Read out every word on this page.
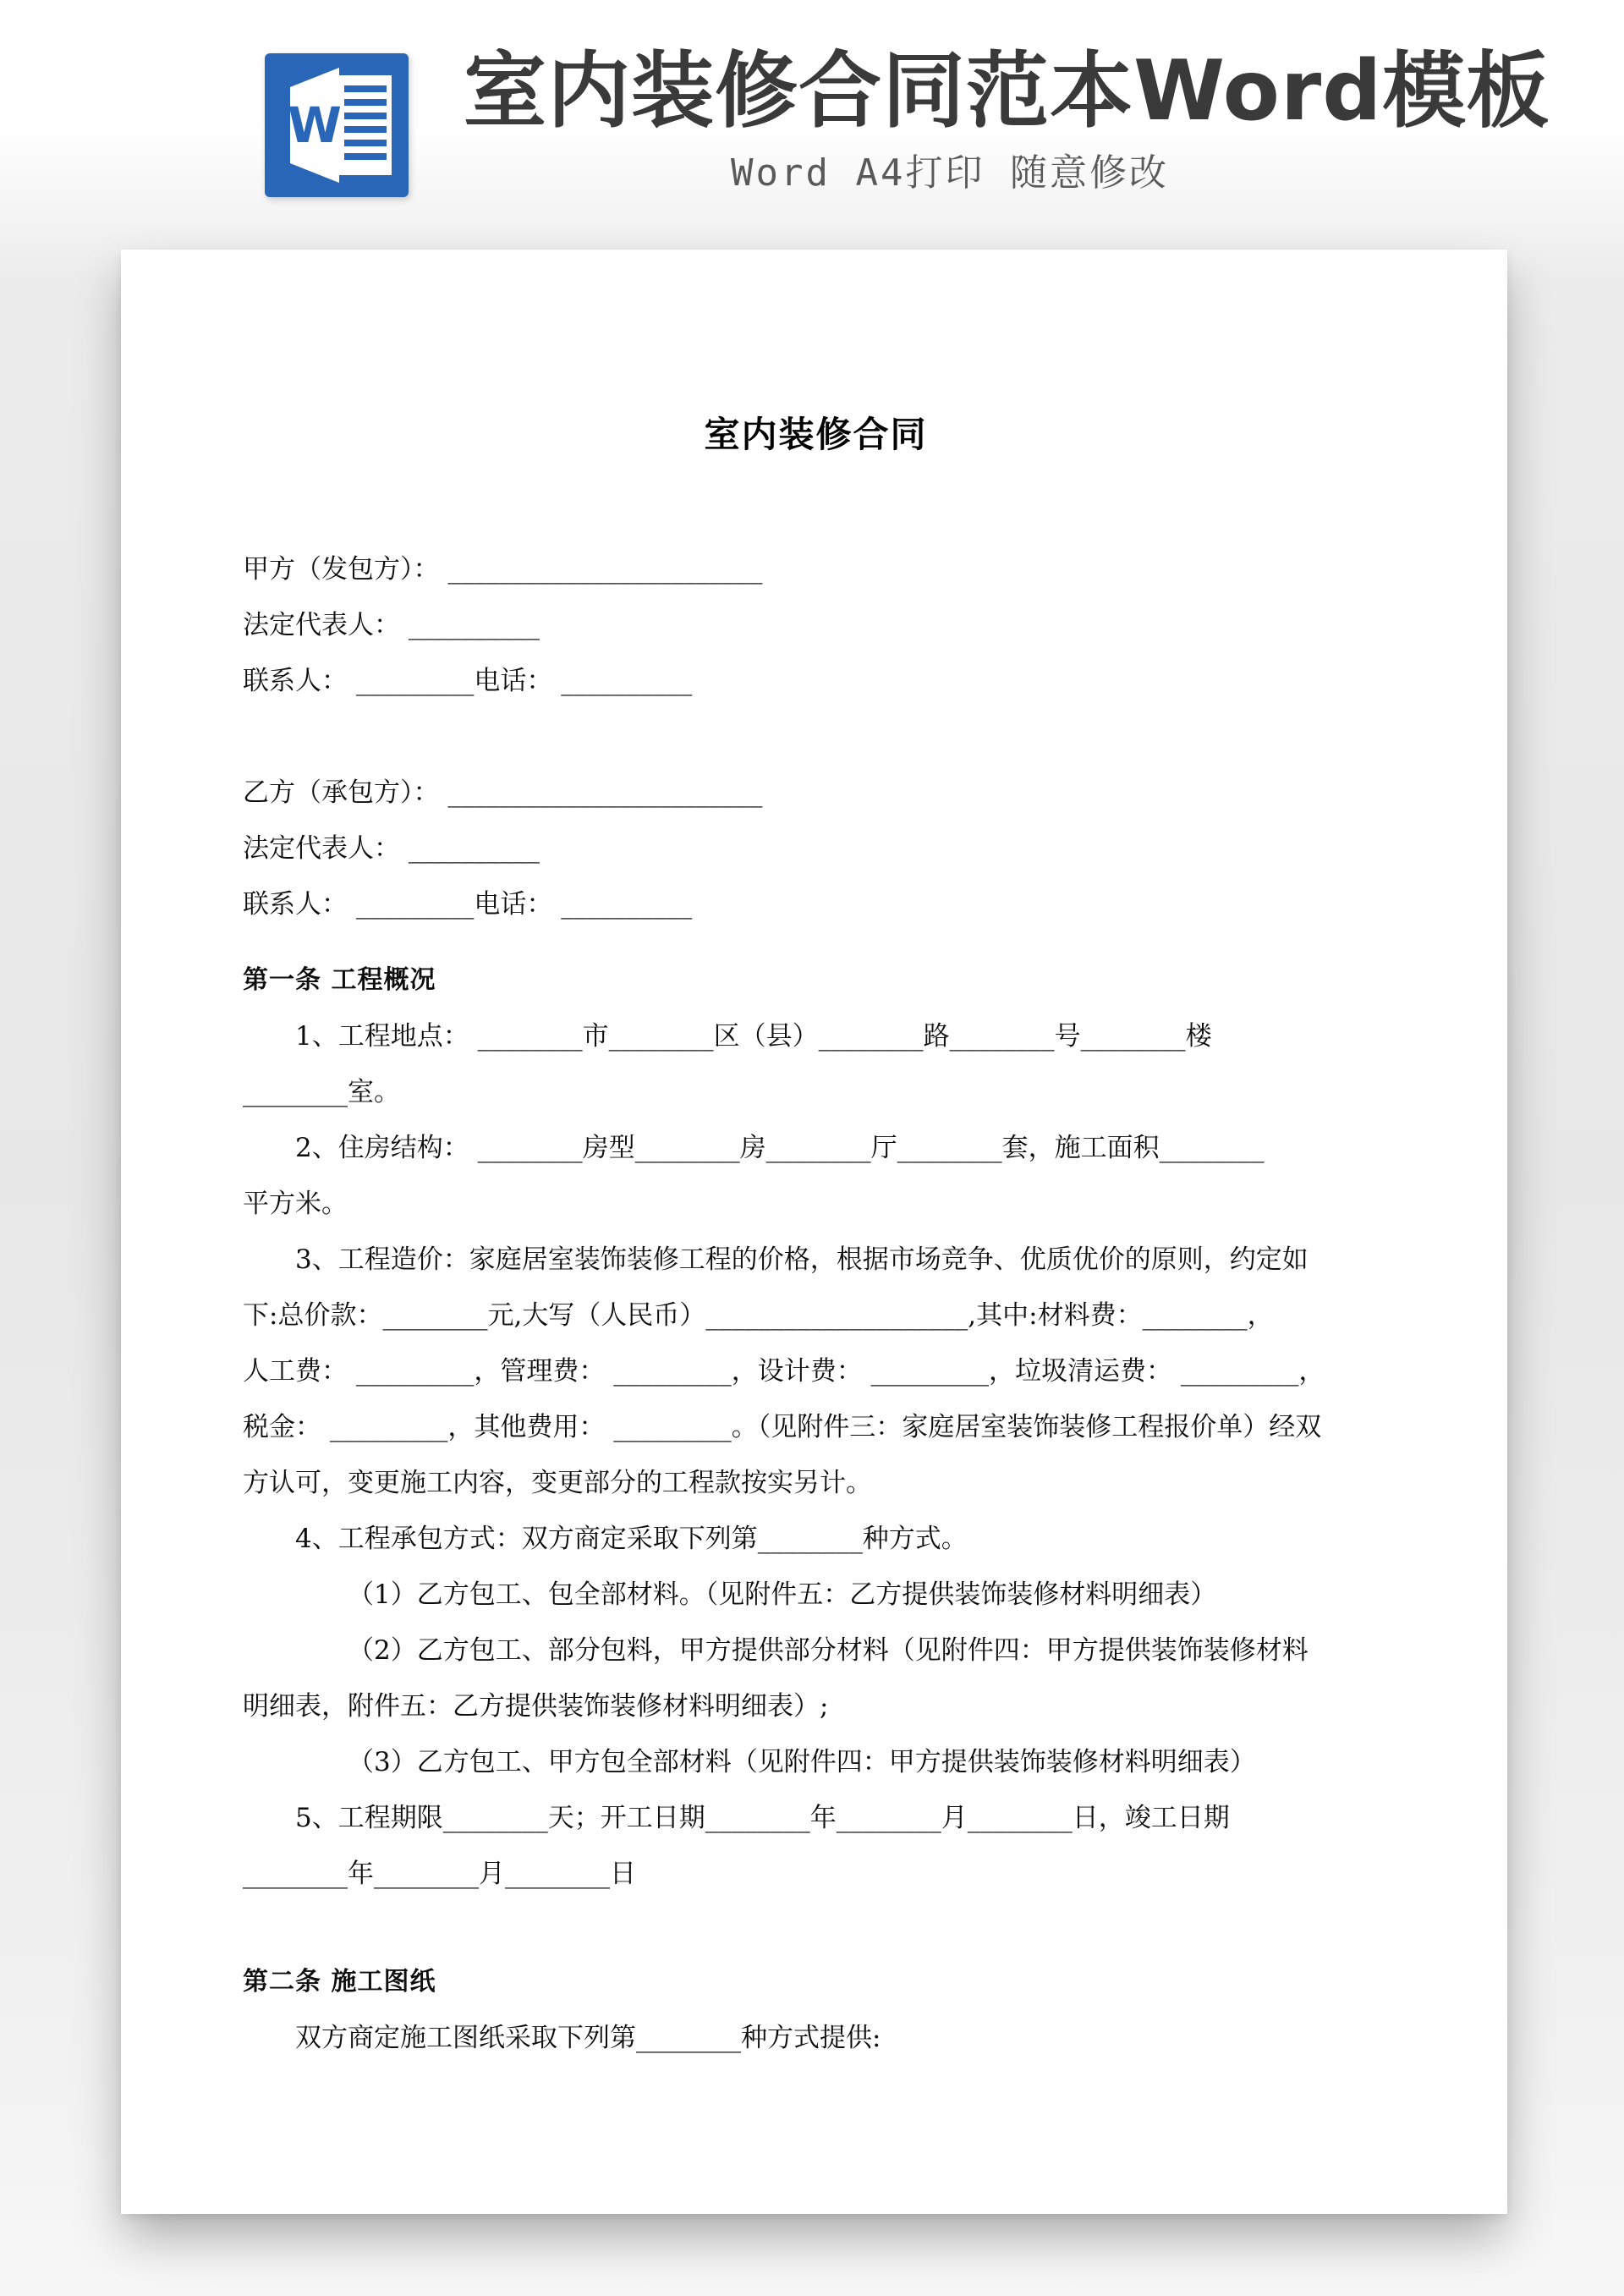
W 室内装修合同范本Word模板
Word A4打印 随意修改
室内装修合同
甲方（发包方）： ________________________
法定代表人： __________
联系人： _________电话： __________
乙方（承包方）： ________________________
法定代表人： __________
联系人： _________电话： __________
第一条 工程概况
1、工程地点： ________市________区（县）________路________号________楼
________室。
2、住房结构： ________房型________房________厅________套，施工面积________
平方米。
3、工程造价：家庭居室装饰装修工程的价格，根据市场竞争、优质优价的原则，约定如
下:总价款：________元,大写（人民币）____________________,其中:材料费：________，
人工费： _________，管理费： _________，设计费： _________，垃圾清运费： _________，
税金： _________，其他费用： _________。（见附件三：家庭居室装饰装修工程报价单）经双
方认可，变更施工内容，变更部分的工程款按实另计。
4、工程承包方式：双方商定采取下列第________种方式。
（1）乙方包工、包全部材料。（见附件五：乙方提供装饰装修材料明细表）
（2）乙方包工、部分包料，甲方提供部分材料（见附件四：甲方提供装饰装修材料
明细表，附件五：乙方提供装饰装修材料明细表）;
（3）乙方包工、甲方包全部材料（见附件四：甲方提供装饰装修材料明细表）
5、工程期限________天；开工日期________年________月________日，竣工日期
________年________月________日
第二条 施工图纸
双方商定施工图纸采取下列第________种方式提供:
